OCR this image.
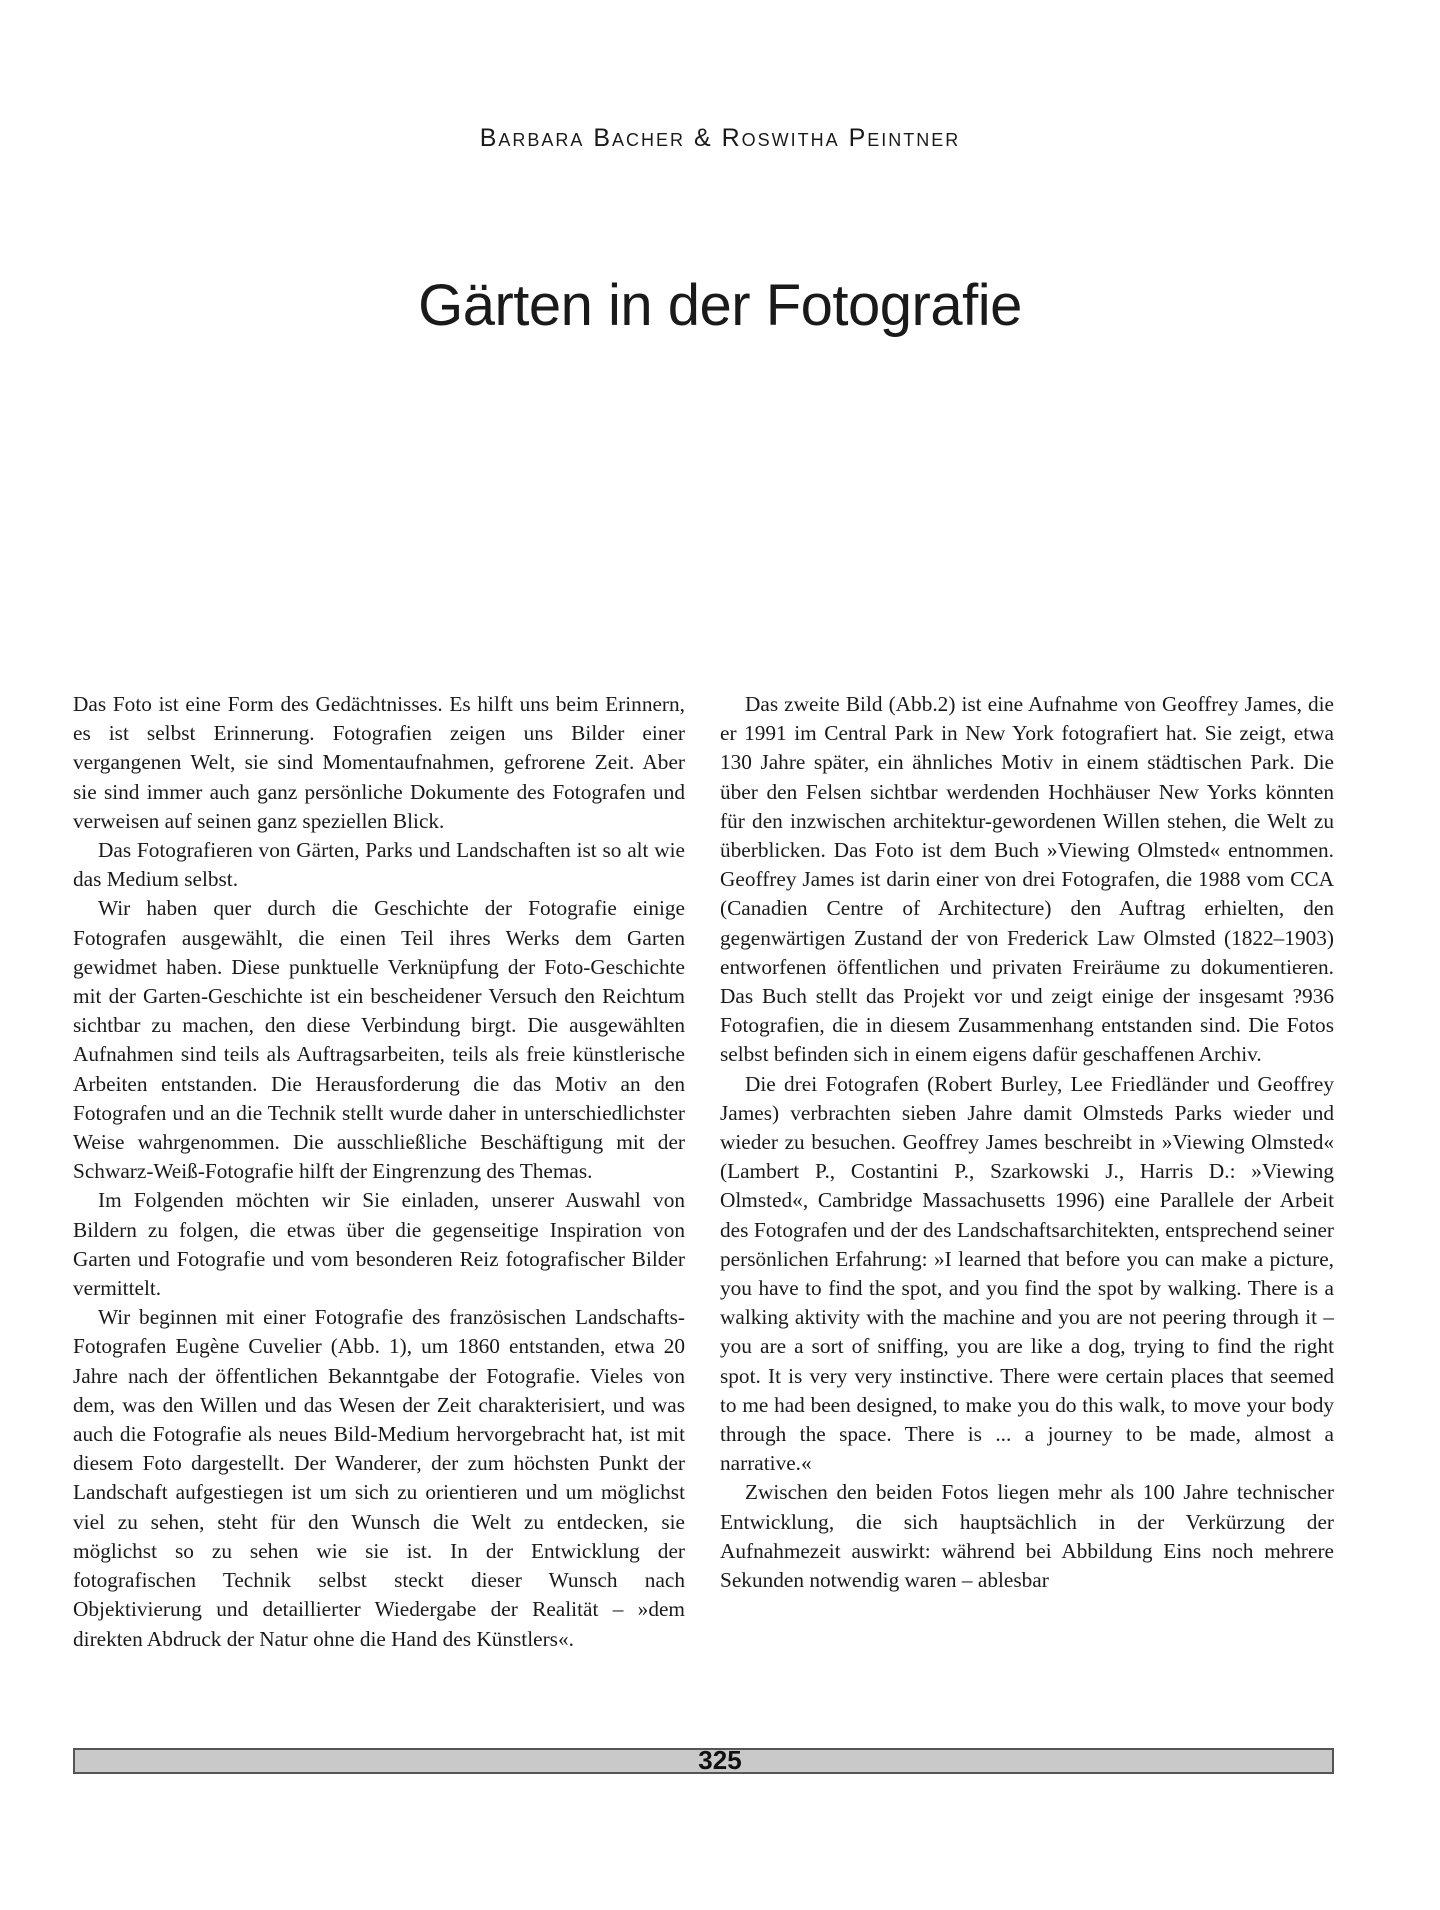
Barbara Bacher & Roswitha Peintner
Gärten in der Fotografie

Das Foto ist eine Form des Gedächtnisses. Es hilft uns beim Erinnern, es ist selbst Erinnerung. Fotografien zeigen uns Bilder einer vergangenen Welt, sie sind Momentaufnahmen, gefrorene Zeit. Aber sie sind immer auch ganz persönliche Dokumente des Fotografen und verweisen auf seinen ganz speziellen Blick.

Das Fotografieren von Gärten, Parks und Landschaften ist so alt wie das Medium selbst.

Wir haben quer durch die Geschichte der Fotografie einige Fotografen ausgewählt, die einen Teil ihres Werks dem Garten gewidmet haben. Diese punktuelle Verknüpfung der Foto-Geschichte mit der Garten-Geschichte ist ein bescheidener Versuch den Reichtum sichtbar zu machen, den diese Verbindung birgt. Die ausgewählten Aufnahmen sind teils als Auftragsarbeiten, teils als freie künstlerische Arbeiten entstanden. Die Herausforderung die das Motiv an den Fotografen und an die Technik stellt wurde daher in unterschiedlichster Weise wahrgenommen. Die ausschließliche Beschäftigung mit der Schwarz-Weiß-Fotografie hilft der Eingrenzung des Themas.

Im Folgenden möchten wir Sie einladen, unserer Auswahl von Bildern zu folgen, die etwas über die gegenseitige Inspiration von Garten und Fotografie und vom besonderen Reiz fotografischer Bilder vermittelt.

Wir beginnen mit einer Fotografie des französischen Landschafts-Fotografen Eugène Cuvelier (Abb. 1), um 1860 entstanden, etwa 20 Jahre nach der öffentlichen Bekanntgabe der Fotografie. Vieles von dem, was den Willen und das Wesen der Zeit charakterisiert, und was auch die Fotografie als neues Bild-Medium hervorgebracht hat, ist mit diesem Foto dargestellt. Der Wanderer, der zum höchsten Punkt der Landschaft aufgestiegen ist um sich zu orientieren und um möglichst viel zu sehen, steht für den Wunsch die Welt zu entdecken, sie möglichst so zu sehen wie sie ist. In der Entwicklung der fotografischen Technik selbst steckt dieser Wunsch nach Objektivierung und detaillierter Wiedergabe der Realität – »dem direkten Abdruck der Natur ohne die Hand des Künstlers«.

Das zweite Bild (Abb.2) ist eine Aufnahme von Geoffrey James, die er 1991 im Central Park in New York fotografiert hat. Sie zeigt, etwa 130 Jahre später, ein ähnliches Motiv in einem städtischen Park. Die über den Felsen sichtbar werdenden Hochhäuser New Yorks könnten für den inzwischen architektur-gewordenen Willen stehen, die Welt zu überblicken. Das Foto ist dem Buch »Viewing Olmsted« entnommen. Geoffrey James ist darin einer von drei Fotografen, die 1988 vom CCA (Canadien Centre of Architecture) den Auftrag erhielten, den gegenwärtigen Zustand der von Frederick Law Olmsted (1822–1903) entworfenen öffentlichen und privaten Freiräume zu dokumentieren. Das Buch stellt das Projekt vor und zeigt einige der insgesamt ?936 Fotografien, die in diesem Zusammenhang entstanden sind. Die Fotos selbst befinden sich in einem eigens dafür geschaffenen Archiv.

Die drei Fotografen (Robert Burley, Lee Friedländer und Geoffrey James) verbrachten sieben Jahre damit Olmsteds Parks wieder und wieder zu besuchen. Geoffrey James beschreibt in »Viewing Olmsted« (Lambert P., Costantini P., Szarkowski J., Harris D.: »Viewing Olmsted«, Cambridge Massachusetts 1996) eine Parallele der Arbeit des Fotografen und der des Landschaftsarchitekten, entsprechend seiner persönlichen Erfahrung: »I learned that before you can make a picture, you have to find the spot, and you find the spot by walking. There is a walking aktivity with the machine and you are not peering through it – you are a sort of sniffing, you are like a dog, trying to find the right spot. It is very very instinctive. There were certain places that seemed to me had been designed, to make you do this walk, to move your body through the space. There is ... a journey to be made, almost a narrative.«

Zwischen den beiden Fotos liegen mehr als 100 Jahre technischer Entwicklung, die sich hauptsächlich in der Verkürzung der Aufnahmezeit auswirkt: während bei Abbildung Eins noch mehrere Sekunden notwendig waren – ablesbar

325
